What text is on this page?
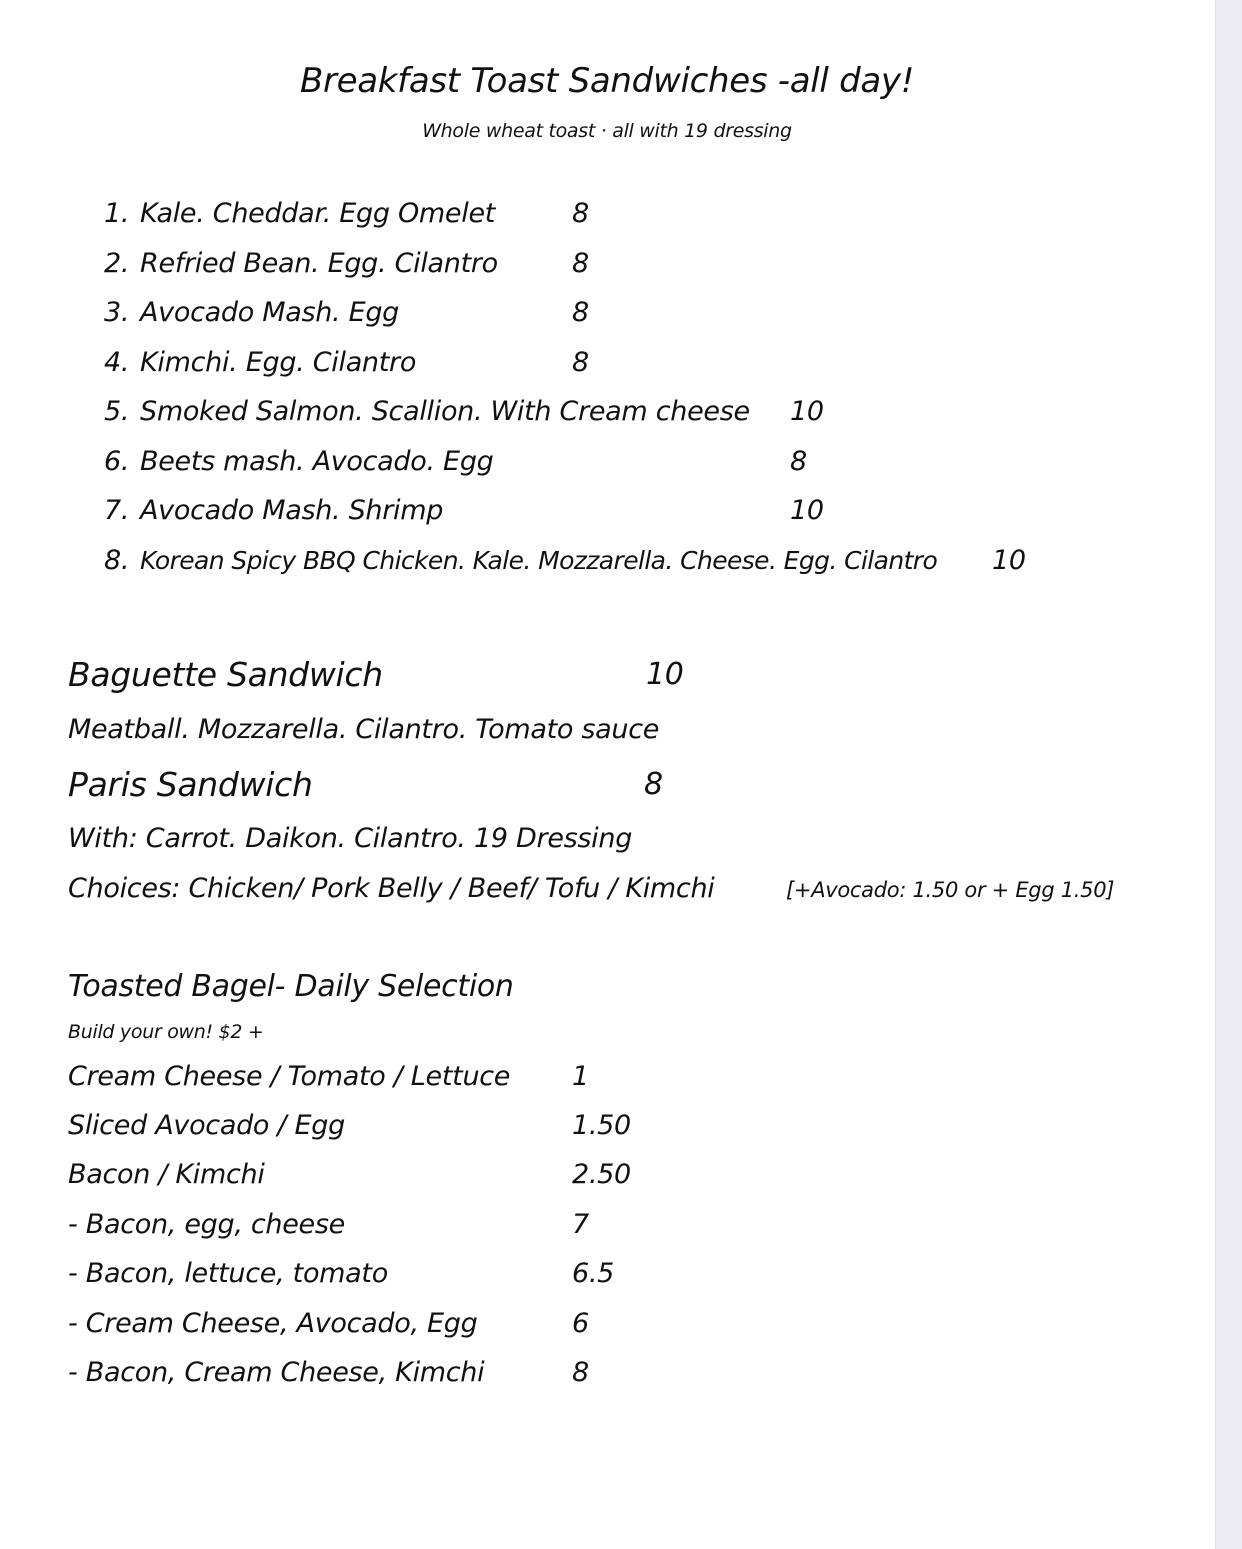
Breakfast Toast Sandwiches -all day!
Whole wheat toast · all with 19 dressing
1. Kale. Cheddar. Egg Omelet	8
2. Refried Bean. Egg. Cilantro	8
3. Avocado Mash. Egg	8
4. Kimchi. Egg. Cilantro	8
5. Smoked Salmon. Scallion. With Cream cheese 10
6. Beets mash. Avocado. Egg	8
7. Avocado Mash. Shrimp	10
8. Korean Spicy BBQ Chicken. Kale. Mozzarella. Cheese. Egg. Cilantro 10
Baguette Sandwich	10
Meatball. Mozzarella. Cilantro. Tomato sauce
Paris Sandwich	8
With: Carrot. Daikon. Cilantro. 19 Dressing
Choices: Chicken/ Pork Belly / Beef/ Tofu / Kimchi	[+Avocado: 1.50 or + Egg 1.50]
Toasted Bagel- Daily Selection
Build your own! $2 +
Cream Cheese / Tomato / Lettuce 1
Sliced Avocado / Egg	1.50
Bacon / Kimchi	2.50
- Bacon, egg, cheese	7
- Bacon, lettuce, tomato	6.5
- Cream Cheese, Avocado, Egg	6
- Bacon, Cream Cheese, Kimchi	8
